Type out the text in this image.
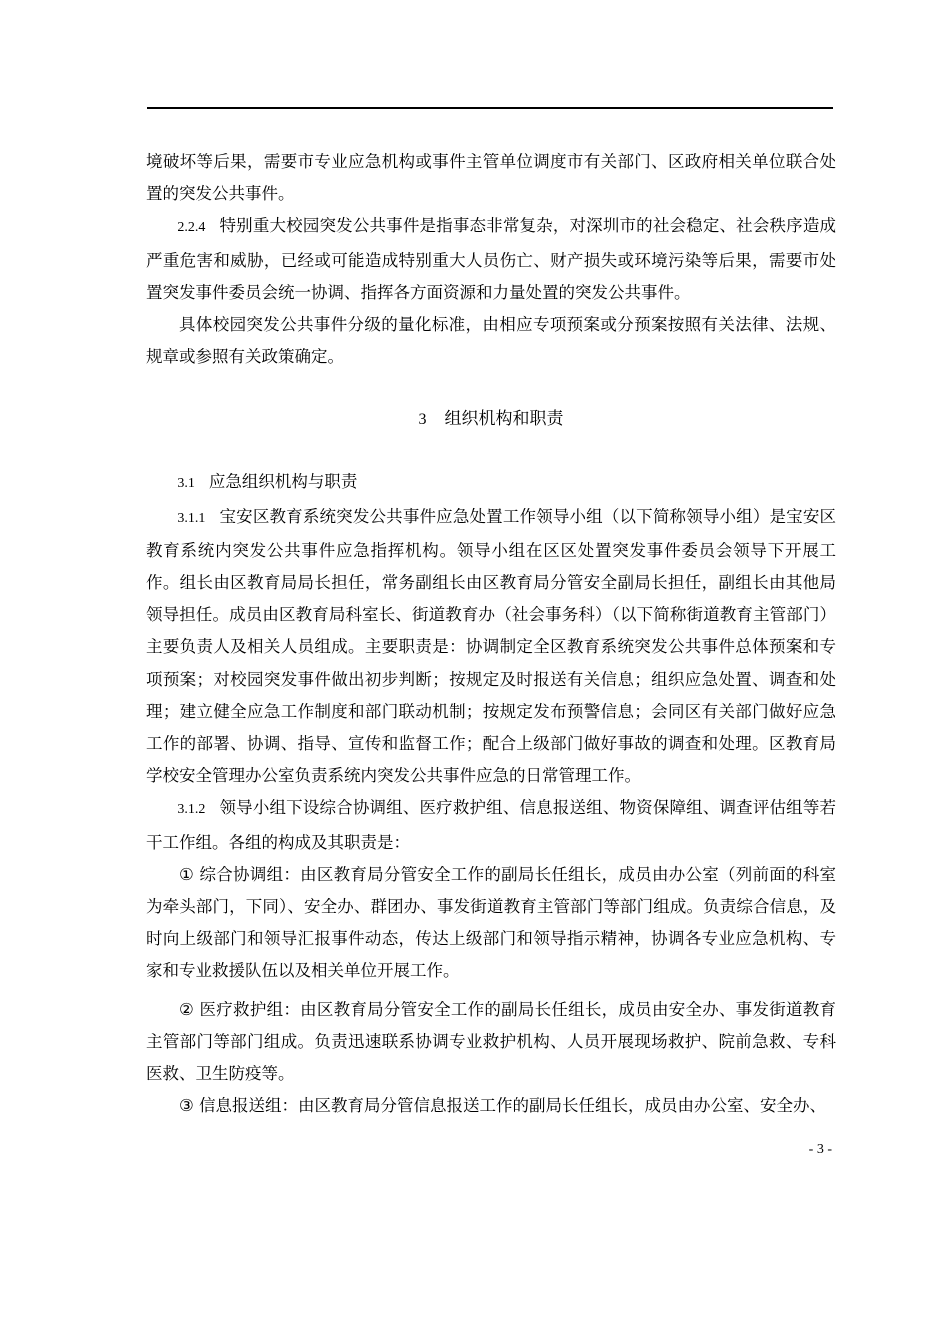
境破坏等后果，需要市专业应急机构或事件主管单位调度市有关部门、区政府相关单位联合处置的突发公共事件。

2.2.4 特别重大校园突发公共事件是指事态非常复杂，对深圳市的社会稳定、社会秩序造成严重危害和威胁，已经或可能造成特别重大人员伤亡、财产损失或环境污染等后果，需要市处置突发事件委员会统一协调、指挥各方面资源和力量处置的突发公共事件。

具体校园突发公共事件分级的量化标准，由相应专项预案或分预案按照有关法律、法规、规章或参照有关政策确定。

3 组织机构和职责

3.1 应急组织机构与职责

3.1.1 宝安区教育系统突发公共事件应急处置工作领导小组（以下简称领导小组）是宝安区教育系统内突发公共事件应急指挥机构。领导小组在区区处置突发事件委员会领导下开展工作。组长由区教育局局长担任，常务副组长由区教育局分管安全副局长担任，副组长由其他局领导担任。成员由区教育局科室长、街道教育办（社会事务科）（以下简称街道教育主管部门）主要负责人及相关人员组成。主要职责是：协调制定全区教育系统突发公共事件总体预案和专项预案；对校园突发事件做出初步判断；按规定及时报送有关信息；组织应急处置、调查和处理；建立健全应急工作制度和部门联动机制；按规定发布预警信息；会同区有关部门做好应急工作的部署、协调、指导、宣传和监督工作；配合上级部门做好事故的调查和处理。区教育局学校安全管理办公室负责系统内突发公共事件应急的日常管理工作。

3.1.2 领导小组下设综合协调组、医疗救护组、信息报送组、物资保障组、调查评估组等若干工作组。各组的构成及其职责是：

① 综合协调组：由区教育局分管安全工作的副局长任组长，成员由办公室（列前面的科室为牵头部门，下同）、安全办、群团办、事发街道教育主管部门等部门组成。负责综合信息，及时向上级部门和领导汇报事件动态，传达上级部门和领导指示精神，协调各专业应急机构、专家和专业救援队伍以及相关单位开展工作。

② 医疗救护组：由区教育局分管安全工作的副局长任组长，成员由安全办、事发街道教育主管部门等部门组成。负责迅速联系协调专业救护机构、人员开展现场救护、院前急救、专科医救、卫生防疫等。

③ 信息报送组：由区教育局分管信息报送工作的副局长任组长，成员由办公室、安全办、

- 3 -
